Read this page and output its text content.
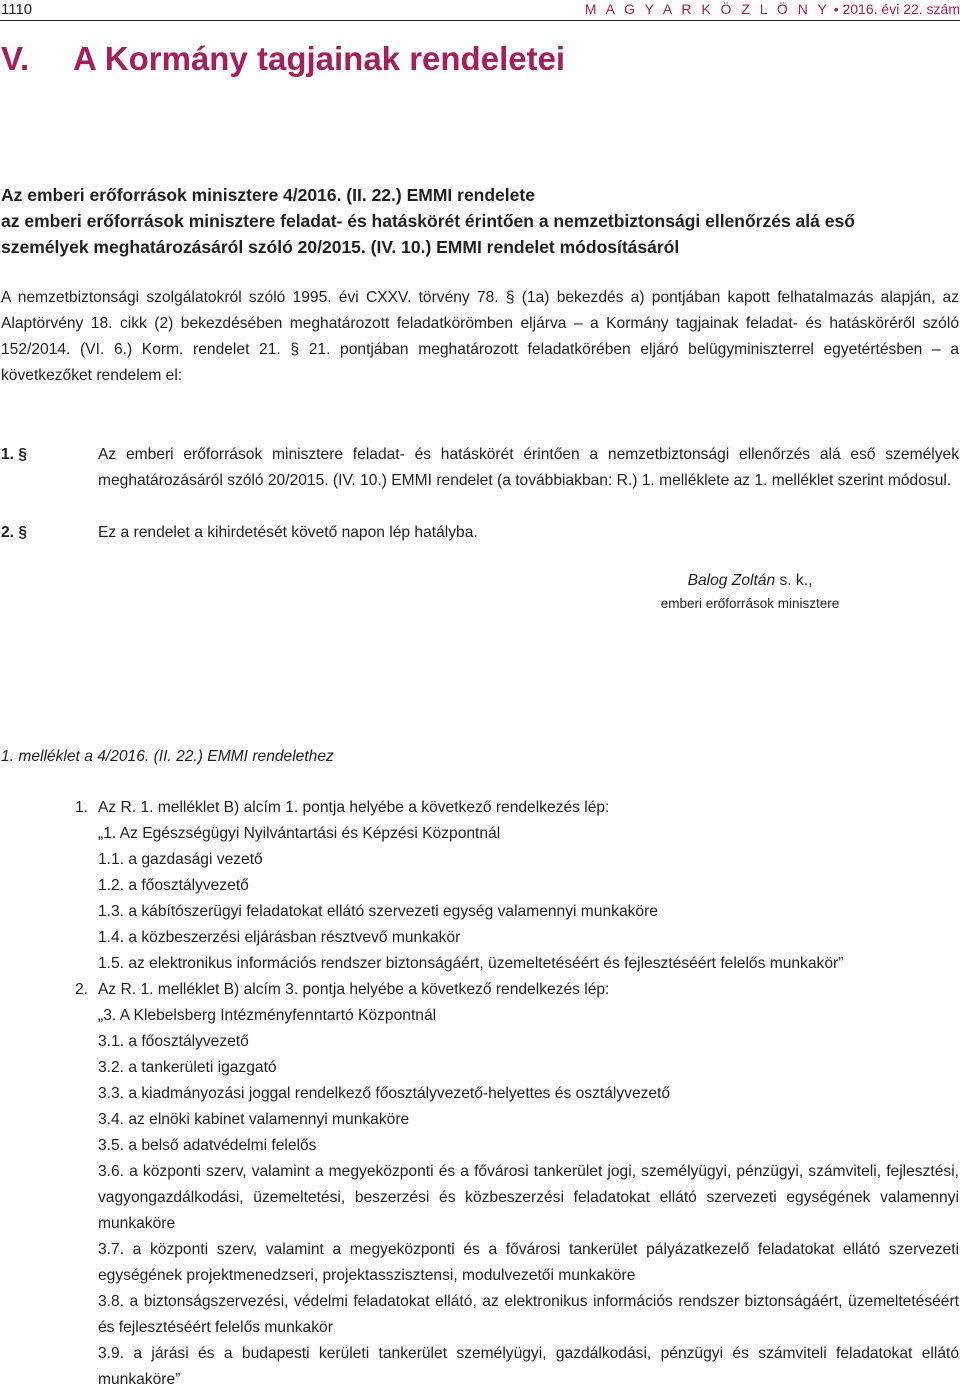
1110	M A G Y A R K Ö Z L Ö N Y • 2016. évi 22. szám
V. A Kormány tagjainak rendeletei
Az emberi erőforrások minisztere 4/2016. (II. 22.) EMMI rendelete
az emberi erőforrások minisztere feladat- és hatáskörét érintően a nemzetbiztonsági ellenőrzés alá eső
személyek meghatározásáról szóló 20/2015. (IV. 10.) EMMI rendelet módosításáról

A nemzetbiztonsági szolgálatokról szóló 1995. évi CXXV. törvény 78. § (1a) bekezdés a) pontjában kapott felhatalmazás alapján, az Alaptörvény 18. cikk (2) bekezdésében meghatározott feladatkörömben eljárva – a Kormány tagjainak feladat- és hatásköréről szóló 152/2014. (VI. 6.) Korm. rendelet 21. § 21. pontjában meghatározott feladatkörében eljáró belügyminiszterrel egyetértésben – a következőket rendelem el:

1. §	Az emberi erőforrások minisztere feladat- és hatáskörét érintően a nemzetbiztonsági ellenőrzés alá eső személyek meghatározásáról szóló 20/2015. (IV. 10.) EMMI rendelet (a továbbiakban: R.) 1. melléklete az 1. melléklet szerint módosul.
2. §	Ez a rendelet a kihirdetését követő napon lép hatályba.
Balog Zoltán s. k.,
emberi erőforrások minisztere
1. melléklet a 4/2016. (II. 22.) EMMI rendelethez
1. Az R. 1. melléklet B) alcím 1. pontja helyébe a következő rendelkezés lép:
„1. Az Egészségügyi Nyilvántartási és Képzési Központnál
1.1. a gazdasági vezető
1.2. a főosztályvezető
1.3. a kábítószerügyi feladatokat ellátó szervezeti egység valamennyi munkaköre
1.4. a közbeszerzési eljárásban résztvevő munkakör
1.5. az elektronikus információs rendszer biztonságáért, üzemeltetéséért és fejlesztéséért felelős munkakör”
2. Az R. 1. melléklet B) alcím 3. pontja helyébe a következő rendelkezés lép:
„3. A Klebelsberg Intézményfenntartó Központnál
3.1. a főosztályvezető
3.2. a tankerületi igazgató
3.3. a kiadmányozási joggal rendelkező főosztályvezető-helyettes és osztályvezető
3.4. az elnöki kabinet valamennyi munkaköre
3.5. a belső adatvédelmi felelős
3.6. a központi szerv, valamint a megyeközponti és a fővárosi tankerület jogi, személyügyi, pénzügyi, számviteli, fejlesztési, vagyongazdálkodási, üzemeltetési, beszerzési és közbeszerzési feladatokat ellátó szervezeti egységének valamennyi munkaköre
3.7. a központi szerv, valamint a megyeközponti és a fővárosi tankerület pályázatkezelő feladatokat ellátó szervezeti egységének projektmenedzseri, projektasszisztensi, modulvezetői munkaköre
3.8. a biztonságszervezési, védelmi feladatokat ellátó, az elektronikus információs rendszer biztonságáért, üzemeltetéséért és fejlesztéséért felelős munkakör
3.9. a járási és a budapesti kerületi tankerület személyügyi, gazdálkodási, pénzügyi és számviteli feladatokat ellátó munkaköre”
